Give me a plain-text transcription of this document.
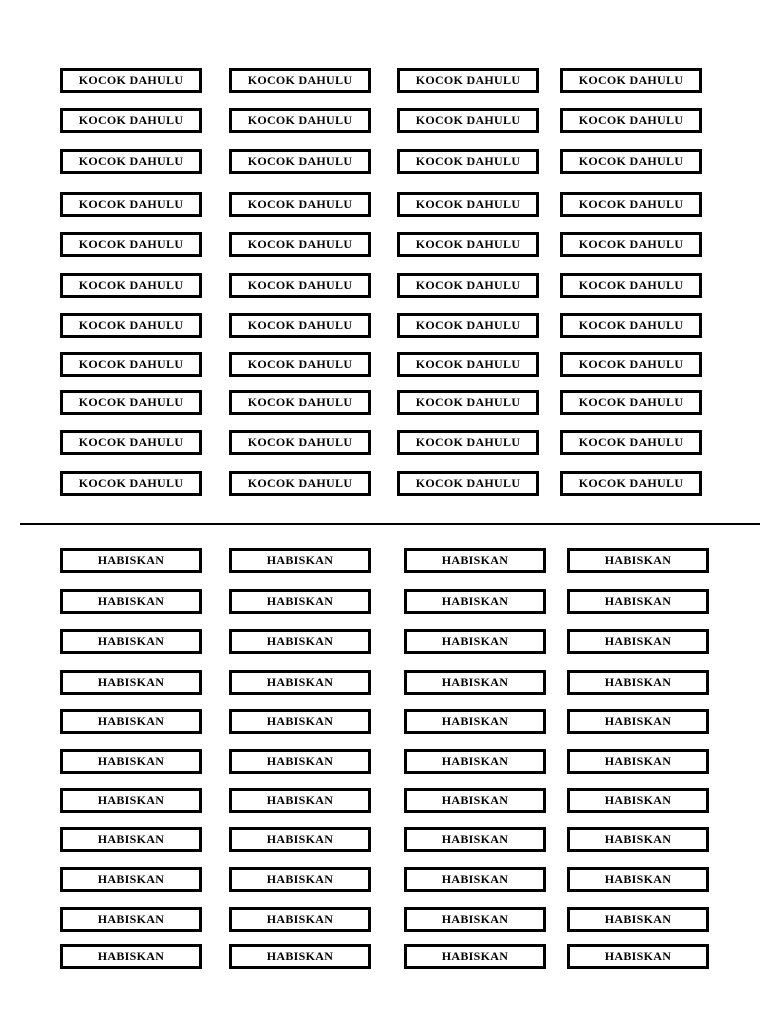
KOCOK DAHULU	KOCOK DAHULU	KOCOK DAHULU	KOCOK DAHULU
KOCOK DAHULU	KOCOK DAHULU	KOCOK DAHULU	KOCOK DAHULU
KOCOK DAHULU	KOCOK DAHULU	KOCOK DAHULU	KOCOK DAHULU
KOCOK DAHULU	KOCOK DAHULU	KOCOK DAHULU	KOCOK DAHULU
KOCOK DAHULU	KOCOK DAHULU	KOCOK DAHULU	KOCOK DAHULU
KOCOK DAHULU	KOCOK DAHULU	KOCOK DAHULU	KOCOK DAHULU
KOCOK DAHULU	KOCOK DAHULU	KOCOK DAHULU	KOCOK DAHULU
KOCOK DAHULU	KOCOK DAHULU	KOCOK DAHULU	KOCOK DAHULU
KOCOK DAHULU	KOCOK DAHULU	KOCOK DAHULU	KOCOK DAHULU
KOCOK DAHULU	KOCOK DAHULU	KOCOK DAHULU	KOCOK DAHULU
KOCOK DAHULU	KOCOK DAHULU	KOCOK DAHULU	KOCOK DAHULU
HABISKAN	HABISKAN	HABISKAN	HABISKAN
HABISKAN	HABISKAN	HABISKAN	HABISKAN
HABISKAN	HABISKAN	HABISKAN	HABISKAN
HABISKAN	HABISKAN	HABISKAN	HABISKAN
HABISKAN	HABISKAN	HABISKAN	HABISKAN
HABISKAN	HABISKAN	HABISKAN	HABISKAN
HABISKAN	HABISKAN	HABISKAN	HABISKAN
HABISKAN	HABISKAN	HABISKAN	HABISKAN
HABISKAN	HABISKAN	HABISKAN	HABISKAN
HABISKAN	HABISKAN	HABISKAN	HABISKAN
HABISKAN	HABISKAN	HABISKAN	HABISKAN
